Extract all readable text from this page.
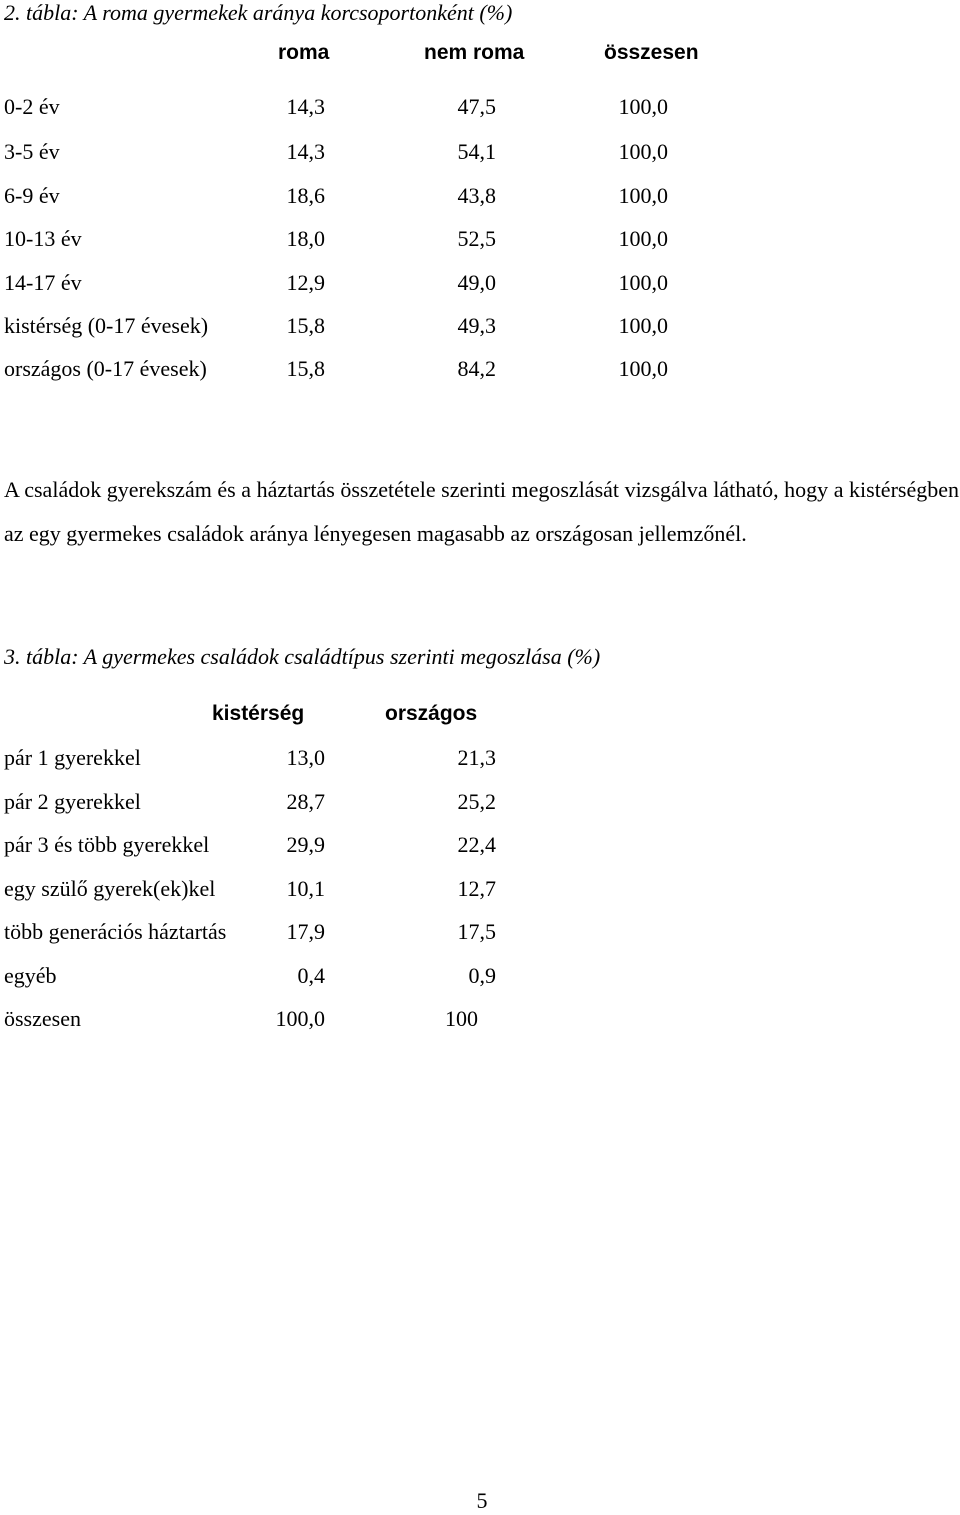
2. tábla: A roma gyermekek aránya korcsoportonként (%)
roma	nem roma	összesen
0-2 év	14,3	47,5	100,0
3-5 év	14,3	54,1	100,0
6-9 év	18,6	43,8	100,0
10-13 év	18,0	52,5	100,0
14-17 év	12,9	49,0	100,0
kistérség (0-17 évesek)	15,8	49,3	100,0
országos (0-17 évesek)	15,8	84,2	100,0
A családok gyerekszám és a háztartás összetétele szerinti megoszlását vizsgálva látható, hogy a kistérségben az egy gyermekes családok aránya lényegesen magasabb az országosan jellemzőnél.
3. tábla: A gyermekes családok családtípus szerinti megoszlása (%)
kistérség	országos
pár 1 gyerekkel	13,0	21,3
pár 2 gyerekkel	28,7	25,2
pár 3 és több gyerekkel	29,9	22,4
egy szülő gyerek(ek)kel	10,1	12,7
több generációs háztartás	17,9	17,5
egyéb	0,4	0,9
összesen	100,0	100
5
